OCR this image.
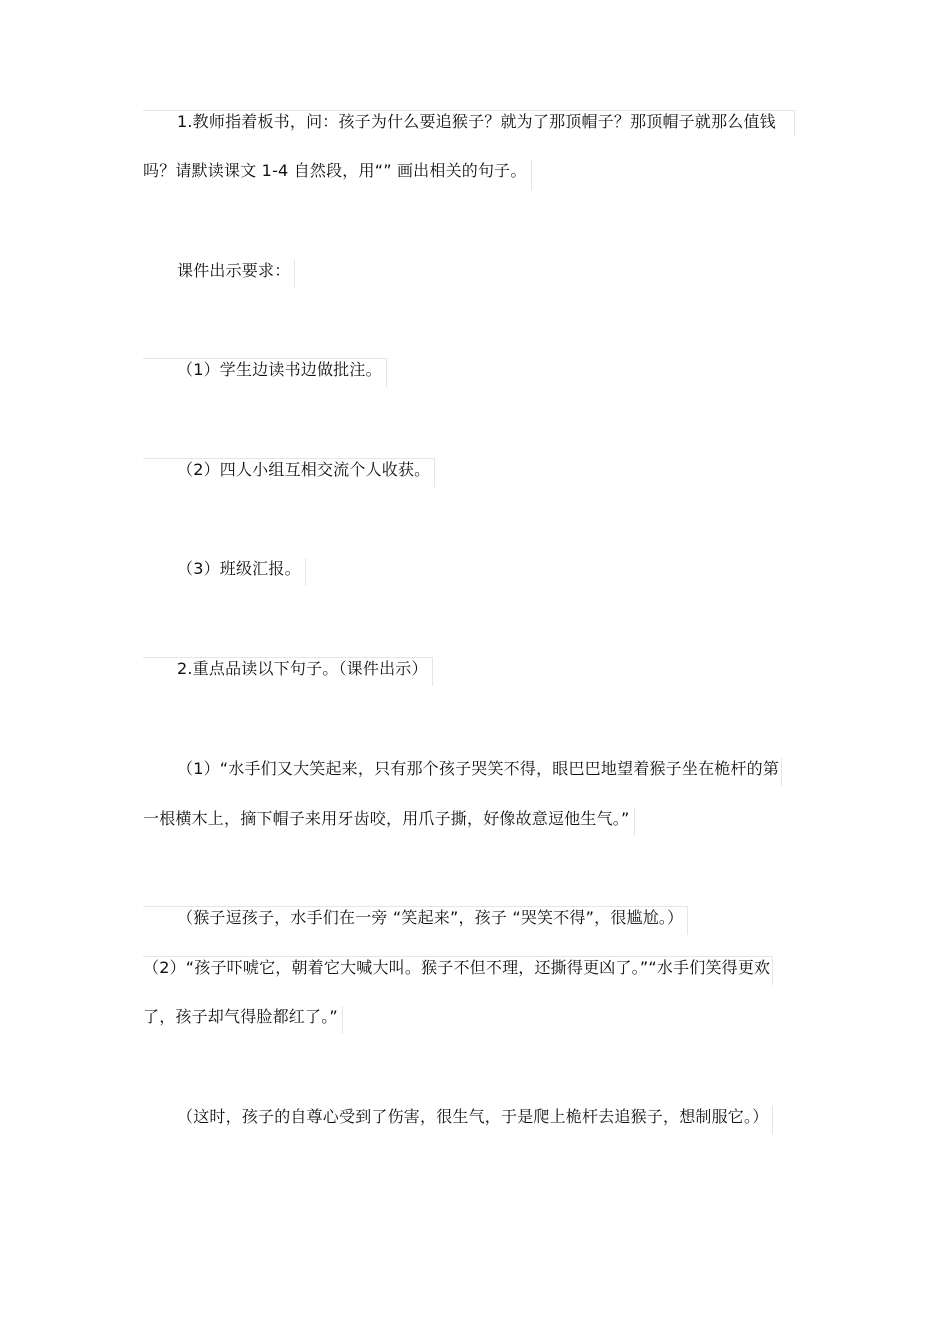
1.教师指着板书，问：孩子为什么要追猴子？就为了那顶帽子？那顶帽子就那么值钱
吗？请默读课文 1-4 自然段，用“” 画出相关的句子。
课件出示要求：
（1）学生边读书边做批注。
（2）四人小组互相交流个人收获。
（3）班级汇报。
2.重点品读以下句子。（课件出示）
（1）“水手们又大笑起来，只有那个孩子哭笑不得，眼巴巴地望着猴子坐在桅杆的第
一根横木上，摘下帽子来用牙齿咬，用爪子撕，好像故意逗他生气。”
（猴子逗孩子，水手们在一旁 “笑起来”，孩子 “哭笑不得”，很尴尬。）
（2）“孩子吓唬它，朝着它大喊大叫。猴子不但不理，还撕得更凶了。”“水手们笑得更欢
了，孩子却气得脸都红了。”
（这时，孩子的自尊心受到了伤害，很生气，于是爬上桅杆去追猴子，想制服它。）
